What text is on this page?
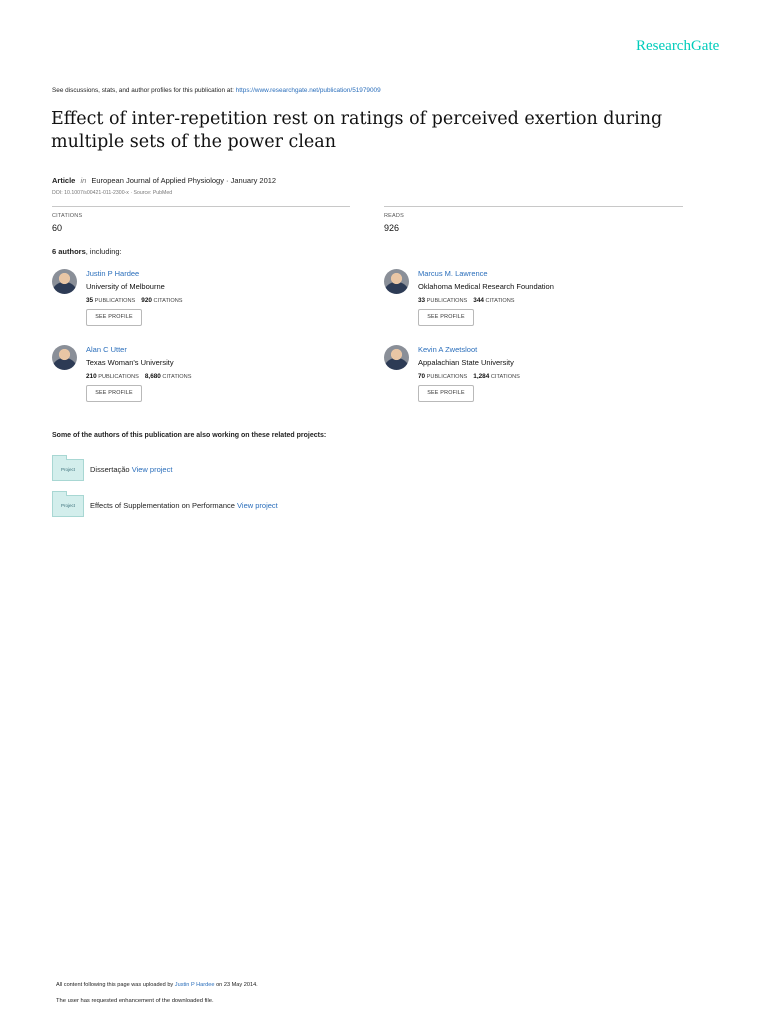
ResearchGate
See discussions, stats, and author profiles for this publication at: https://www.researchgate.net/publication/51979009
Effect of inter-repetition rest on ratings of perceived exertion during multiple sets of the power clean
Article in European Journal of Applied Physiology · January 2012
DOI: 10.1007/s00421-011-2300-x · Source: PubMed
CITATIONS
60
READS
926
6 authors, including:
Justin P Hardee
University of Melbourne
35 PUBLICATIONS 920 CITATIONS
SEE PROFILE
Marcus M. Lawrence
Oklahoma Medical Research Foundation
33 PUBLICATIONS 344 CITATIONS
SEE PROFILE
Alan C Utter
Texas Woman's University
210 PUBLICATIONS 8,680 CITATIONS
SEE PROFILE
Kevin A Zwetsloot
Appalachian State University
70 PUBLICATIONS 1,284 CITATIONS
SEE PROFILE
Some of the authors of this publication are also working on these related projects:
Project	Dissertação View project
Project	Effects of Supplementation on Performance View project
All content following this page was uploaded by Justin P Hardee on 23 May 2014.
The user has requested enhancement of the downloaded file.
